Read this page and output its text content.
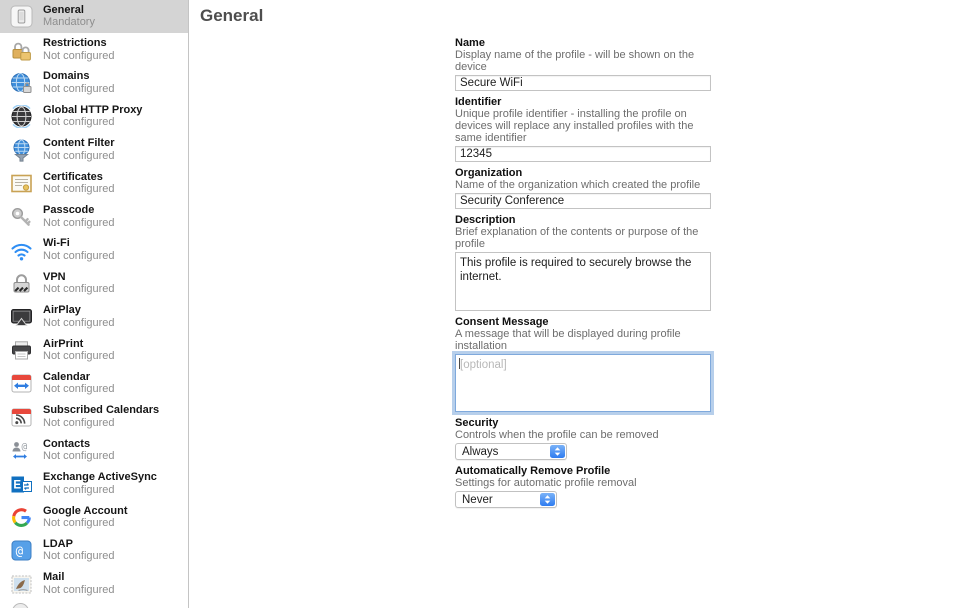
General
Mandatory
Restrictions
Not configured
Domains
Not configured
Global HTTP Proxy
Not configured
Content Filter
Not configured
Certificates
Not configured
Passcode
Not configured
Wi-Fi
Not configured
VPN
Not configured
AirPlay
Not configured
AirPrint
Not configured
Calendar
Not configured
Subscribed Calendars
Not configured
@ Contacts
Not configured
E
Exchange ActiveSync
Not configured
Google Account
Not configured
@ LDAP
Not configured
Mail
Not configured
General
Name
Display name of the profile - will be shown on the device
Secure WiFi
Identifier
Unique profile identifier - installing the profile on devices will replace any installed profiles with the same identifier
12345
Organization
Name of the organization which created the profile
Security Conference
Description
Brief explanation of the contents or purpose of the profile
This profile is required to securely browse the internet.
Consent Message
A message that will be displayed during profile installation
[optional]
Security
Controls when the profile can be removed
Always
Automatically Remove Profile
Settings for automatic profile removal
Never
